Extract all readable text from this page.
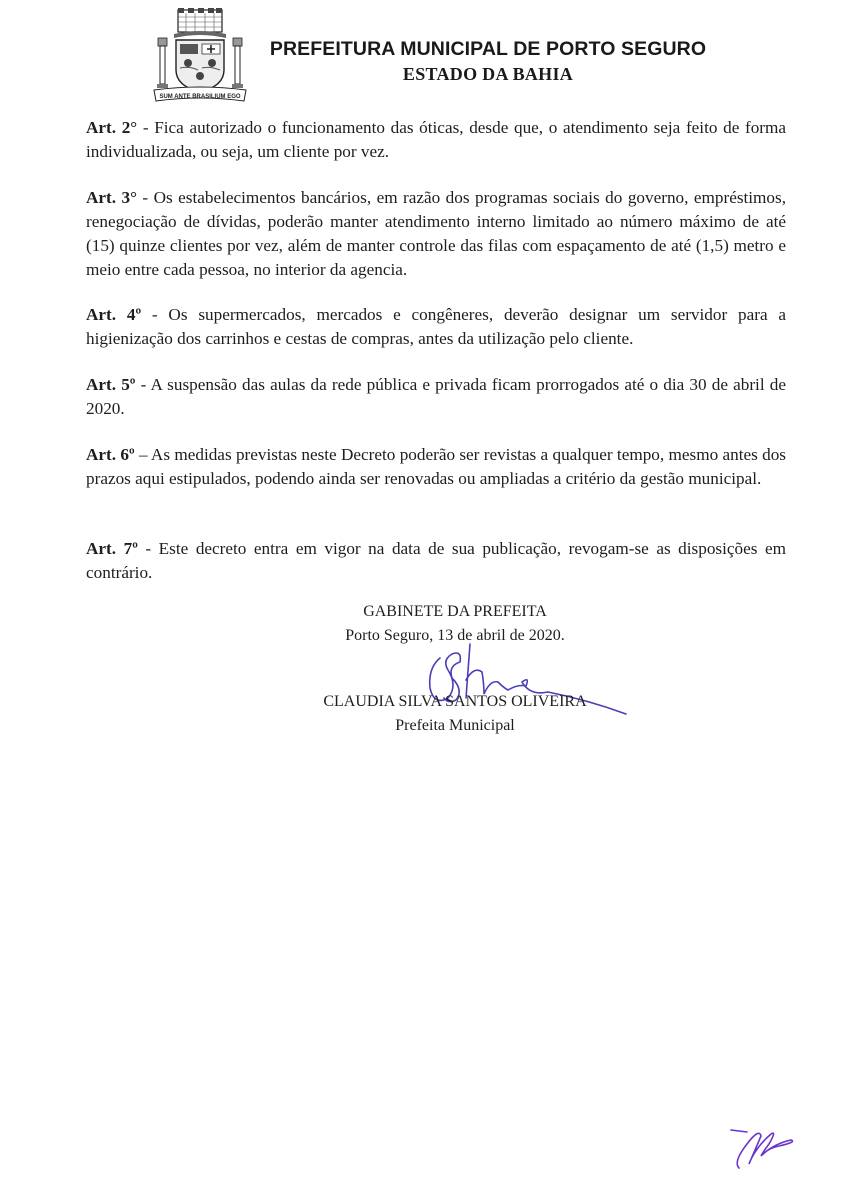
SUM ANTE BRASILIUM EGO
PREFEITURA MUNICIPAL DE PORTO SEGURO
ESTADO DA BAHIA

Art. 2° - Fica autorizado o funcionamento das óticas, desde que, o atendimento seja feito de forma individualizada, ou seja, um cliente por vez.

Art. 3° - Os estabelecimentos bancários, em razão dos programas sociais do governo, empréstimos, renegociação de dívidas, poderão manter atendimento interno limitado ao número máximo de até (15) quinze clientes por vez, além de manter controle das filas com espaçamento de até (1,5) metro e meio entre cada pessoa, no interior da agencia.

Art. 4º - Os supermercados, mercados e congêneres, deverão designar um servidor para a higienização dos carrinhos e cestas de compras, antes da utilização pelo cliente.

Art. 5º - A suspensão das aulas da rede pública e privada ficam prorrogados até o dia 30 de abril de 2020.

Art. 6º – As medidas previstas neste Decreto poderão ser revistas a qualquer tempo, mesmo antes dos prazos aqui estipulados, podendo ainda ser renovadas ou ampliadas a critério da gestão municipal.

Art. 7º - Este decreto entra em vigor na data de sua publicação, revogam-se as disposições em contrário.

GABINETE DA PREFEITA
Porto Seguro, 13 de abril de 2020.
CLAUDIA SILVA SANTOS OLIVEIRA
Prefeita Municipal
